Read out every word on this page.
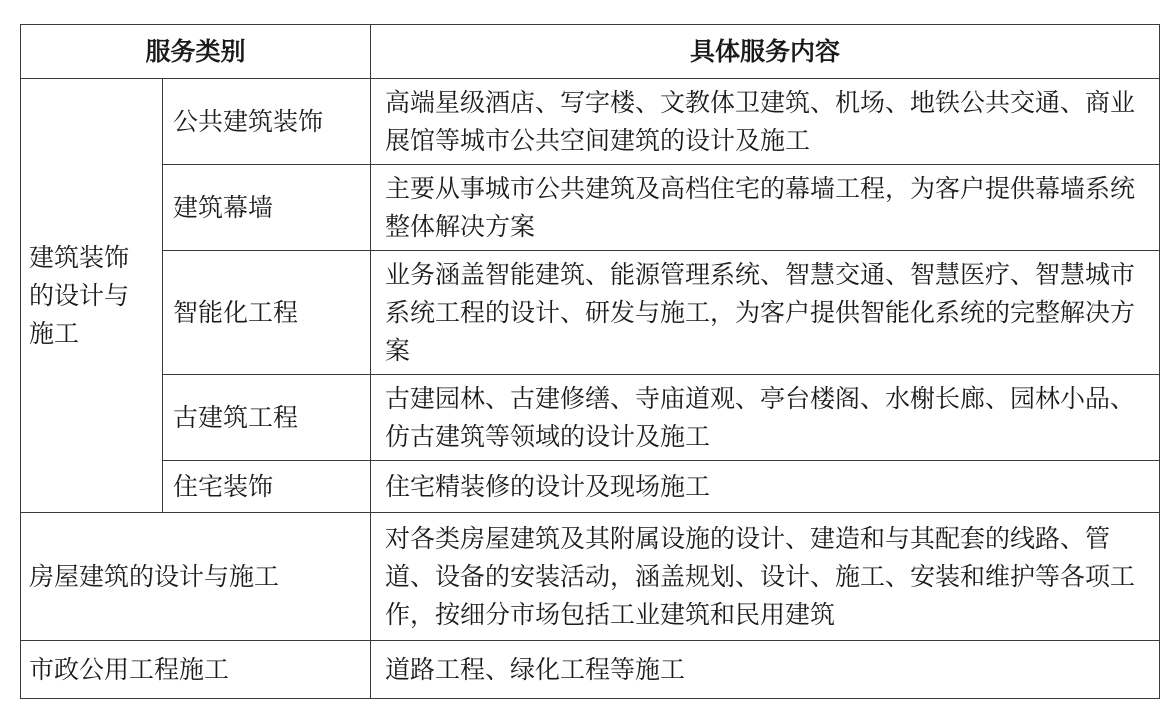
服务类别		具体服务内容
建筑装饰的设计与施工	公共建筑装饰	高端星级酒店、写字楼、文教体卫建筑、机场、地铁公共交通、商业展馆等城市公共空间建筑的设计及施工
	建筑幕墙	主要从事城市公共建筑及高档住宅的幕墙工程，为客户提供幕墙系统整体解决方案
	智能化工程	业务涵盖智能建筑、能源管理系统、智慧交通、智慧医疗、智慧城市系统工程的设计、研发与施工，为客户提供智能化系统的完整解决方案
	古建筑工程	古建园林、古建修缮、寺庙道观、亭台楼阁、水榭长廊、园林小品、仿古建筑等领域的设计及施工
	住宅装饰	住宅精装修的设计及现场施工
房屋建筑的设计与施工		对各类房屋建筑及其附属设施的设计、建造和与其配套的线路、管道、设备的安装活动，涵盖规划、设计、施工、安装和维护等各项工作，按细分市场包括工业建筑和民用建筑
市政公用工程施工		道路工程、绿化工程等施工
